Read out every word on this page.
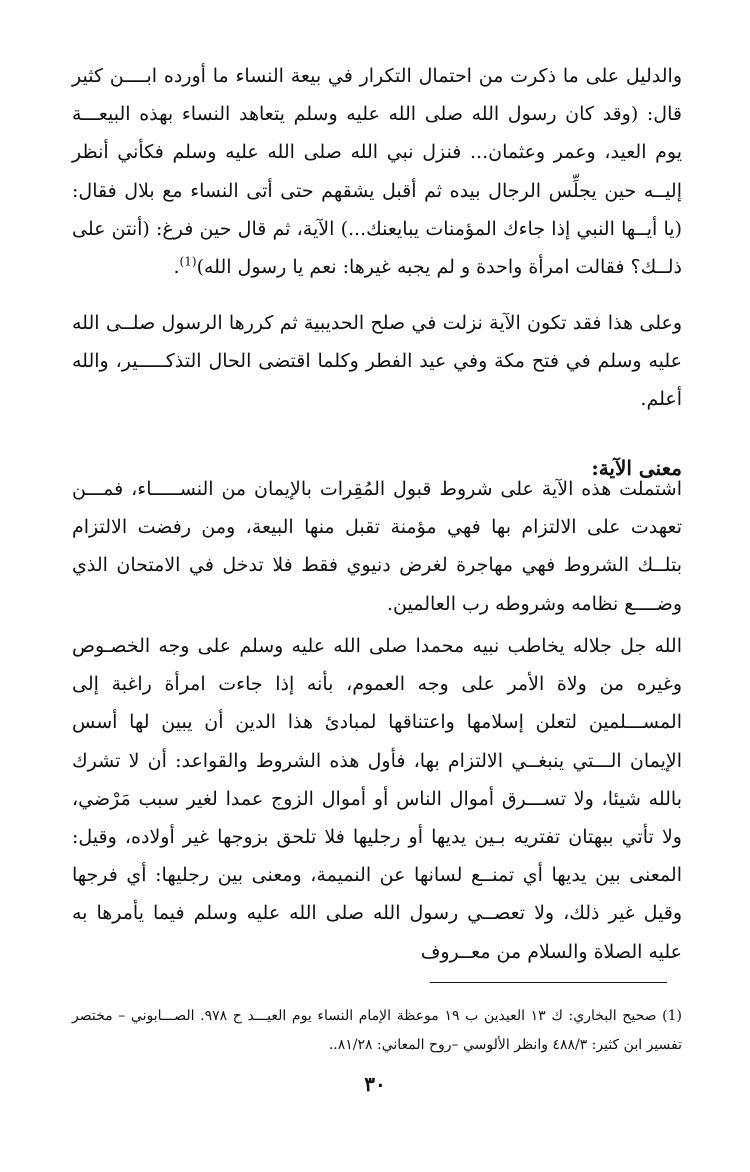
والدليل على ما ذكرت من احتمال التكرار في بيعة النساء ما أورده ابــــن كثير قال: (وقد كان رسول الله صلى الله عليه وسلم يتعاهد النساء بهذه البيعـــة يوم العيد، وعمر وعثمان... فنزل نبي الله صلى الله عليه وسلم فكأني أنظر إليــه حين يجلِّس الرجال بيده ثم أقبل يشقهم حتى أتى النساء مع بلال فقال: (يا أيــها النبي إذا جاءك المؤمنات يبايعنك...) الآية، ثم قال حين فرغ: (أنتن على ذلــك؟ فقالت امرأة واحدة و لم يجبه غيرها: نعم يا رسول الله)$^{(1)}$.

وعلى هذا فقد تكون الآية نزلت في صلح الحديبية ثم كررها الرسول صلــى الله عليه وسلم في فتح مكة وفي عيد الفطر وكلما اقتضى الحال التذكـــــير، والله أعلم.

معنى الآية:

اشتملت هذه الآية على شروط قبول المُقِرات بالإيمان من النســـــاء، فمـــن تعهدت على الالتزام بها فهي مؤمنة تقبل منها البيعة، ومن رفضت الالتزام بتلــك الشروط فهي مهاجرة لغرض دنيوي فقط فلا تدخل في الامتحان الذي وضــــع نظامه وشروطه رب العالمين.

الله جل جلاله يخاطب نبيه محمدا صلى الله عليه وسلم على وجه الخصـوص وغيره من ولاة الأمر على وجه العموم، بأنه إذا جاءت امرأة راغبة إلى المســـلمين لتعلن إسلامها واعتناقها لمبادئ هذا الدين أن يبين لها أسس الإيمان الـــتي ينبغــي الالتزام بها، فأول هذه الشروط والقواعد: أن لا تشرك بالله شيئا، ولا تســـرق أموال الناس أو أموال الزوج عمدا لغير سبب مَرْضي، ولا تأتي ببهتان تفتريه بـين يديها أو رجليها فلا تلحق بزوجها غير أولاده، وقيل: المعنى بين يديها أي تمنــع لسانها عن النميمة، ومعنى بين رجليها: أي فرجها وقيل غير ذلك، ولا تعصــي رسول الله صلى الله عليه وسلم فيما يأمرها به عليه الصلاة والسلام من معــروف

(1) صحيح البخاري: ك ١٣ العيدين ب ١٩ موعظة الإمام النساء يوم العيـــد ح ٩٧٨. الصـــابوني – مختصر تفسير ابن كثير: ٤٨٨/٣ وانظر الألوسي –روح المعاني: ٨١/٢٨..

٣٠
